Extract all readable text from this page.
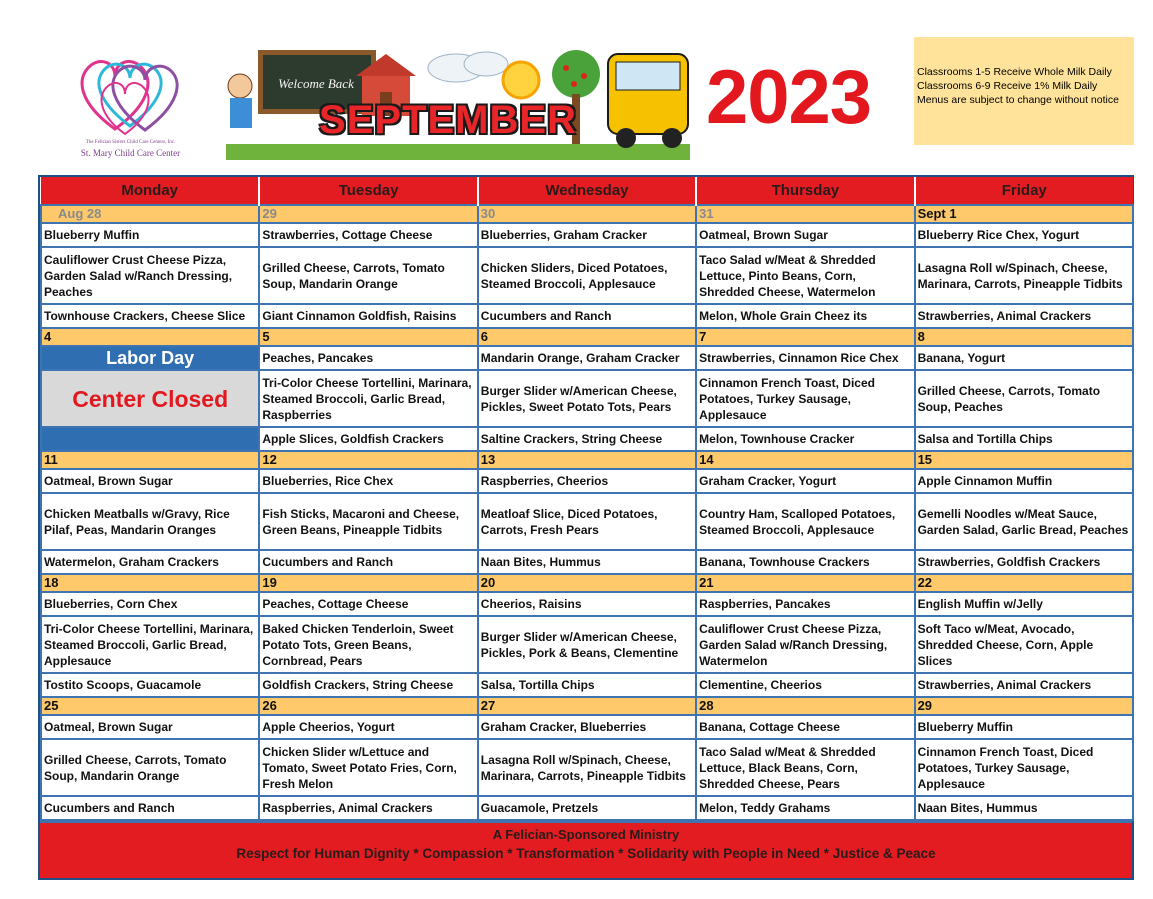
The Felician Sisters Child Care Centers, Inc.
St. Mary Child Care Center
Welcome Back
SEPTEMBER	2023	Classrooms 1-5 Receive Whole Milk Daily
Classrooms 6-9 Receive 1% Milk Daily
Menus are subject to change without notice
Monday	Tuesday	Wednesday	Thursday	Friday
Aug 28	29	30	31	Sept 1
Blueberry Muffin	Strawberries, Cottage Cheese	Blueberries, Graham Cracker	Oatmeal, Brown Sugar	Blueberry Rice Chex, Yogurt
Cauliflower Crust Cheese Pizza, Garden Salad w/Ranch Dressing, Peaches	Grilled Cheese, Carrots, Tomato Soup, Mandarin Orange	Chicken Sliders, Diced Potatoes, Steamed Broccoli, Applesauce	Taco Salad w/Meat & Shredded Lettuce, Pinto Beans, Corn, Shredded Cheese, Watermelon	Lasagna Roll w/Spinach, Cheese, Marinara, Carrots, Pineapple Tidbits
Townhouse Crackers, Cheese Slice	Giant Cinnamon Goldfish, Raisins	Cucumbers and Ranch	Melon, Whole Grain Cheez its	Strawberries, Animal Crackers
4	5	6	7	8
Labor Day	Peaches, Pancakes	Mandarin Orange, Graham Cracker	Strawberries, Cinnamon Rice Chex	Banana, Yogurt
Center Closed	Tri-Color Cheese Tortellini, Marinara, Steamed Broccoli, Garlic Bread, Raspberries	Burger Slider w/American Cheese, Pickles, Sweet Potato Tots, Pears	Cinnamon French Toast, Diced Potatoes, Turkey Sausage, Applesauce	Grilled Cheese, Carrots, Tomato Soup, Peaches
	Apple Slices, Goldfish Crackers	Saltine Crackers, String Cheese	Melon, Townhouse Cracker	Salsa and Tortilla Chips
11	12	13	14	15
Oatmeal, Brown Sugar	Blueberries, Rice Chex	Raspberries, Cheerios	Graham Cracker, Yogurt	Apple Cinnamon Muffin
Chicken Meatballs w/Gravy, Rice Pilaf, Peas, Mandarin Oranges	Fish Sticks, Macaroni and Cheese, Green Beans, Pineapple Tidbits	Meatloaf Slice, Diced Potatoes, Carrots, Fresh Pears	Country Ham, Scalloped Potatoes, Steamed Broccoli, Applesauce	Gemelli Noodles w/Meat Sauce, Garden Salad, Garlic Bread, Peaches
Watermelon, Graham Crackers	Cucumbers and Ranch	Naan Bites, Hummus	Banana, Townhouse Crackers	Strawberries, Goldfish Crackers
18	19	20	21	22
Blueberries, Corn Chex	Peaches, Cottage Cheese	Cheerios, Raisins	Raspberries, Pancakes	English Muffin w/Jelly
Tri-Color Cheese Tortellini, Marinara, Steamed Broccoli, Garlic Bread, Applesauce	Baked Chicken Tenderloin, Sweet Potato Tots, Green Beans, Cornbread, Pears	Burger Slider w/American Cheese, Pickles, Pork & Beans, Clementine	Cauliflower Crust Cheese Pizza, Garden Salad w/Ranch Dressing, Watermelon	Soft Taco w/Meat, Avocado, Shredded Cheese, Corn, Apple Slices
Tostito Scoops, Guacamole	Goldfish Crackers, String Cheese	Salsa, Tortilla Chips	Clementine, Cheerios	Strawberries, Animal Crackers
25	26	27	28	29
Oatmeal, Brown Sugar	Apple Cheerios, Yogurt	Graham Cracker, Blueberries	Banana, Cottage Cheese	Blueberry Muffin
Grilled Cheese, Carrots, Tomato Soup, Mandarin Orange	Chicken Slider w/Lettuce and Tomato, Sweet Potato Fries, Corn, Fresh Melon	Lasagna Roll w/Spinach, Cheese, Marinara, Carrots, Pineapple Tidbits	Taco Salad w/Meat & Shredded Lettuce, Black Beans, Corn, Shredded Cheese, Pears	Cinnamon French Toast, Diced Potatoes, Turkey Sausage, Applesauce
Cucumbers and Ranch	Raspberries, Animal Crackers	Guacamole, Pretzels	Melon, Teddy Grahams	Naan Bites, Hummus
A Felician-Sponsored Ministry
Respect for Human Dignity * Compassion * Transformation * Solidarity with People in Need * Justice & Peace
